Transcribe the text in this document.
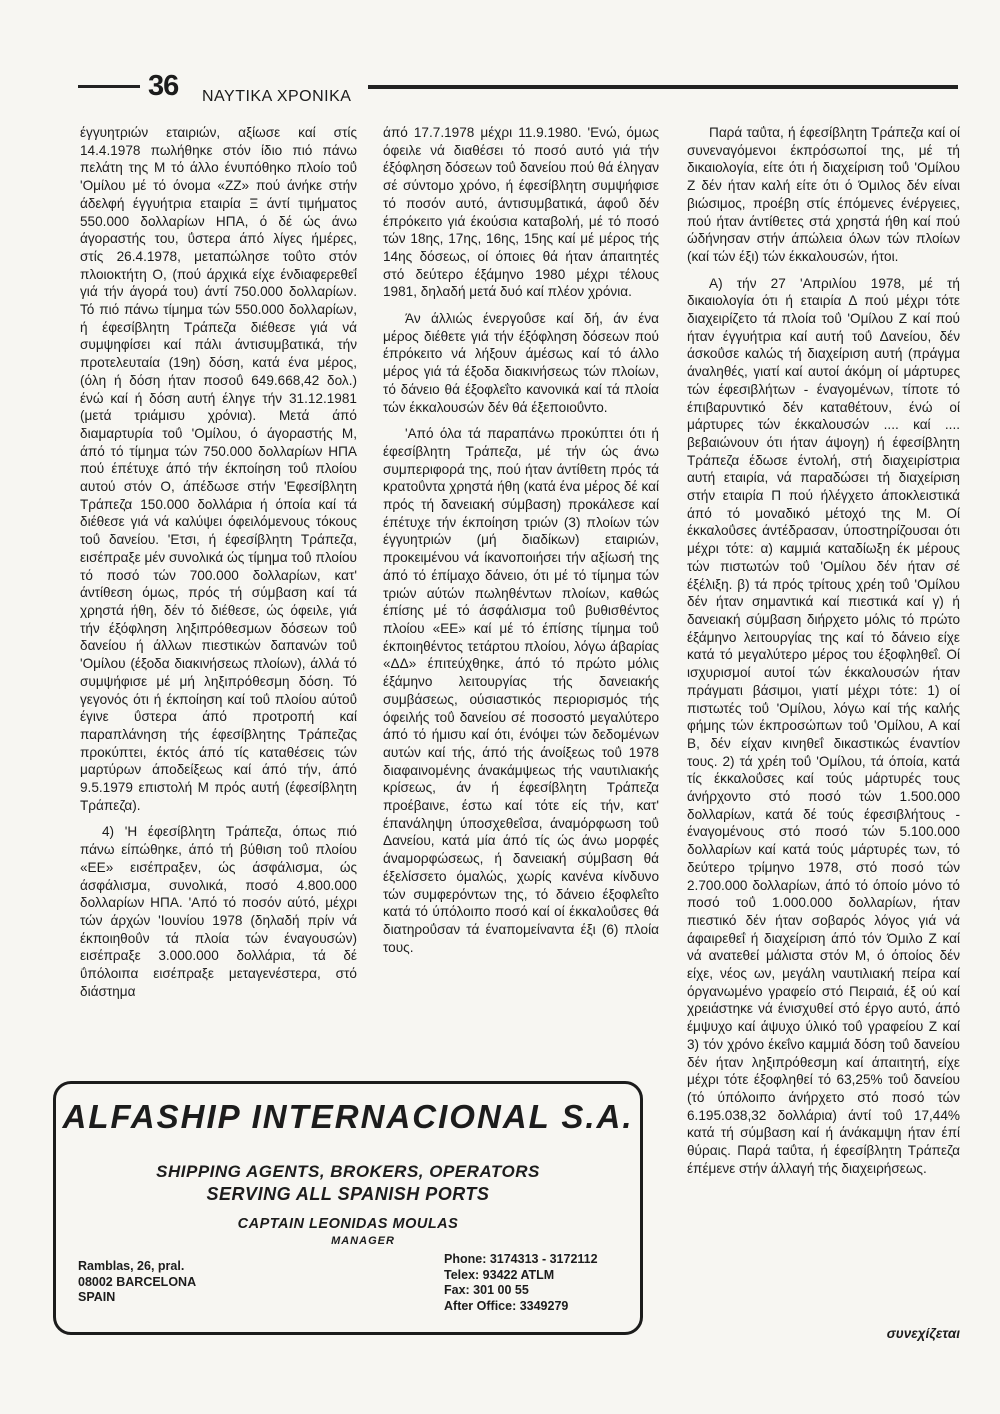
36 ΝΑΥΤΙΚΑ ΧΡΟΝΙΚΑ

έγγυητριών εταιριών, αξίωσε καί στίς 14.4.1978 πωλήθηκε στόν ίδιο πιό πάνω πελάτη της Μ τό άλλο ένυπόθηκο πλοίο τοΰ 'Ομίλου μέ τό όνομα «ΖΖ» πού άνήκε στήν άδελφή έγγυήτρια εταιρία Ξ άντί τιμήματος 550.000 δολλαρίων ΗΠΑ, ό δέ ώς άνω άγοραστής του, ΰστερα άπό λίγες ήμέρες, στίς 26.4.1978, μεταπώλησε τοΰτο στόν πλοιοκτήτη Ο, (πού άρχικά είχε ένδιαφερεθεΐ γιά τήν άγορά του) άντί 750.000 δολλαρίων. Τό πιό πάνω τίμημα τών 550.000 δολλαρίων, ή έφεσίβλητη Τράπεζα διέθεσε γιά νά συμψηφίσει καί πάλι άντισυμβατικά, τήν προτελευταία (19η) δόση, κατά ένα μέρος, (όλη ή δόση ήταν ποσοΰ 649.668,42 δολ.) ένώ καί ή δόση αυτή έληγε τήν 31.12.1981 (μετά τριάμισυ χρόνια). Μετά άπό διαμαρτυρία τοΰ 'Ομίλου, ό άγοραστής Μ, άπό τό τίμημα τών 750.000 δολλαρίων ΗΠΑ πού έπέτυχε άπό τήν έκποίηση τοΰ πλοίου αυτού στόν Ο, άπέδωσε στήν 'Εφεσίβλητη Τράπεζα 150.000 δολλάρια ή όποία καί τά διέθεσε γιά νά καλύψει όφειλόμενους τόκους τοΰ δανείου. 'Ετσι, ή έφεσίβλητη Τράπεζα, εισέπραξε μέν συνολικά ώς τίμημα τοΰ πλοίου τό ποσό τών 700.000 δολλαρίων, κατ' άντίθεση όμως, πρός τή σύμβαση καί τά χρηστά ήθη, δέν τό διέθεσε, ώς όφειλε, γιά τήν έξόφληση ληξιπρόθεσμων δόσεων τοΰ δανείου ή άλλων πιεστικών δαπανών τοΰ 'Ομίλου (έξοδα διακινήσεως πλοίων), άλλά τό συμψήφισε μέ μή ληξιπρόθεσμη δόση. Τό γεγονός ότι ή έκποίηση καί τοΰ πλοίου αύτοΰ έγινε ΰστερα άπό προτροπή καί παραπλάνηση τής έφεσίβλητης Τράπεζας προκύπτει, έκτός άπό τίς καταθέσεις τών μαρτύρων άποδείξεως καί άπό τήν, άπό 9.5.1979 επιστολή Μ πρός αυτή (έφεσίβλητη Τράπεζα).

4) 'Η έφεσίβλητη Τράπεζα, όπως πιό πάνω είπώθηκε, άπό τή βύθιση τοΰ πλοίου «ΕΕ» εισέπραξεν, ώς άσφάλισμα, ώς άσφάλισμα, συνολικά, ποσό 4.800.000 δολλαρίων ΗΠΑ. 'Από τό ποσόν αύτό, μέχρι τών άρχών 'Ιουνίου 1978 (δηλαδή πρίν νά έκποιηθοΰν τά πλοία τών έναγουσών) εισέπραξε 3.000.000 δολλάρια, τά δέ ΰπόλοιπα εισέπραξε μεταγενέστερα, στό διάστημα

άπό 17.7.1978 μέχρι 11.9.1980. 'Ενώ, όμως όφειλε νά διαθέσει τό ποσό αυτό γιά τήν έξόφληση δόσεων τοΰ δανείου πού θά έληγαν σέ σύντομο χρόνο, ή έφεσίβλητη συμψήφισε τό ποσόν αυτό, άντισυμβατικά, άφοΰ δέν έπρόκειτο γιά έκούσια καταβολή, μέ τό ποσό τών 18ης, 17ης, 16ης, 15ης καί μέ μέρος τής 14ης δόσεως, οί όποιες θά ήταν άπαιτητές στό δεύτερο έξάμηνο 1980 μέχρι τέλους 1981, δηλαδή μετά δυό καί πλέον χρόνια.

Άν άλλιώς ένεργοΰσε καί δή, άν ένα μέρος διέθετε γιά τήν έξόφληση δόσεων πού έπρόκειτο νά λήξουν άμέσως καί τό άλλο μέρος γιά τά έξοδα διακινήσεως τών πλοίων, τό δάνειο θά έξοφλεΐτο κανονικά καί τά πλοία τών έκκαλουσών δέν θά έξεποιοΰντο.

'Από όλα τά παραπάνω προκύπτει ότι ή έφεσίβλητη Τράπεζα, μέ τήν ώς άνω συμπεριφορά της, πού ήταν άντίθετη πρός τά κρατοΰντα χρηστά ήθη (κατά ένα μέρος δέ καί πρός τή δανειακή σύμβαση) προκάλεσε καί έπέτυχε τήν έκποίηση τριών (3) πλοίων τών έγγυητριών (μή διαδίκων) εταιριών, προκειμένου νά ίκανοποιήσει τήν αξίωσή της άπό τό έπίμαχο δάνειο, ότι μέ τό τίμημα τών τριών αύτών πωληθέντων πλοίων, καθώς έπίσης μέ τό άσφάλισμα τοΰ βυθισθέντος πλοίου «ΕΕ» καί μέ τό έπίσης τίμημα τοΰ έκποιηθέντος τετάρτου πλοίου, λόγω άβαρίας «ΔΔ» έπιτεύχθηκε, άπό τό πρώτο μόλις έξάμηνο λειτουργίας τής δανειακής συμβάσεως, ούσιαστικός περιορισμός τής όφειλής τοΰ δανείου σέ ποσοστό μεγαλύτερο άπό τό ήμισυ καί ότι, ένόψει τών δεδομένων αυτών καί τής, άπό τής άνοίξεως τοΰ 1978 διαφαινομένης άνακάμψεως τής ναυτιλιακής κρίσεως, άν ή έφεσίβλητη Τράπεζα προέβαινε, έστω καί τότε είς τήν, κατ' έπανάληψη ύποσχεθεΐσα, άναμόρφωση τοΰ Δανείου, κατά μία άπό τίς ώς άνω μορφές άναμορφώσεως, ή δανειακή σύμβαση θά έξελίσσετο όμαλώς, χωρίς κανένα κίνδυνο τών συμφερόντων της, τό δάνειο έξοφλεΐτο κατά τό ύπόλοιπο ποσό καί οί έκκαλοΰσες θά διατηροΰσαν τά έναπομείναντα έξι (6) πλοία τους.

Παρά ταΰτα, ή έφεσίβλητη Τράπεζα καί οί συνεναγόμενοι έκπρόσωποί της, μέ τή δικαιολογία, είτε ότι ή διαχείριση τοΰ 'Ομίλου Ζ δέν ήταν καλή είτε ότι ό Όμιλος δέν είναι βιώσιμος, προέβη στίς έπόμενες ένέργειες, πού ήταν άντίθετες στά χρηστά ήθη καί πού ώδήνησαν στήν άπώλεια όλων τών πλοίων (καί τών έξι) τών έκκαλουσών, ήτοι.

Α) τήν 27 'Απριλίου 1978, μέ τή δικαιολογία ότι ή εταιρία Δ πού μέχρι τότε διαχειρίζετο τά πλοία τοΰ 'Ομίλου Ζ καί πού ήταν έγγυήτρια καί αυτή τοΰ Δανείου, δέν άσκοΰσε καλώς τή διαχείριση αυτή (πράγμα άναληθές, γιατί καί αυτοί άκόμη οί μάρτυρες τών έφεσιβλήτων - έναγομένων, τίποτε τό έπιβαρυντικό δέν καταθέτουν, ένώ οί μάρτυρες τών έκκαλουσών .... καί .... βεβαιώνουν ότι ήταν άψογη) ή έφεσίβλητη Τράπεζα έδωσε έντολή, στή διαχειρίστρια αυτή εταιρία, νά παραδώσει τή διαχείριση στήν εταιρία Π πού ήλέγχετο άποκλειστικά άπό τό μοναδικό μέτοχό της Μ. Οί έκκαλοΰσες άντέδρασαν, ύποστηρίζουσαι ότι μέχρι τότε: α) καμμιά καταδίωξη έκ μέρους τών πιστωτών τοΰ 'Ομίλου δέν ήταν σέ έξέλιξη. β) τά πρός τρίτους χρέη τοΰ 'Ομίλου δέν ήταν σημαντικά καί πιεστικά καί γ) ή δανειακή σύμβαση διήρχετο μόλις τό πρώτο έξάμηνο λειτουργίας της καί τό δάνειο είχε κατά τό μεγαλύτερο μέρος του έξοφληθεΐ. Οί ισχυρισμοί αυτοί τών έκκαλουσών ήταν πράγματι βάσιμοι, γιατί μέχρι τότε: 1) οί πιστωτές τοΰ 'Ομίλου, λόγω καί τής καλής φήμης τών έκπροσώπων τοΰ 'Ομίλου, Α καί Β, δέν είχαν κινηθεΐ δικαστικώς έναντίον τους. 2) τά χρέη τοΰ 'Ομίλου, τά όποία, κατά τίς έκκαλοΰσες καί τούς μάρτυρές τους άνήρχοντο στό ποσό τών 1.500.000 δολλαρίων, κατά δέ τούς έφεσιβλήτους - έναγομένους στό ποσό τών 5.100.000 δολλαρίων καί κατά τούς μάρτυρές των, τό δεύτερο τρίμηνο 1978, στό ποσό τών 2.700.000 δολλαρίων, άπό τό όποίο μόνο τό ποσό τοΰ 1.000.000 δολλαρίων, ήταν πιεστικό δέν ήταν σοβαρός λόγος γιά νά άφαιρεθεΐ ή διαχείριση άπό τόν Όμιλο Ζ καί νά ανατεθεί μάλιστα στόν Μ, ό όποίος δέν είχε, νέος ων, μεγάλη ναυτιλιακή πείρα καί όργανωμένο γραφείο στό Πειραιά, έξ ού καί χρειάστηκε νά ένισχυθεί στό έργο αυτό, άπό έμψυχο καί άψυχο ύλικό τοΰ γραφείου Ζ καί 3) τόν χρόνο έκεΐνο καμμιά δόση τοΰ δανείου δέν ήταν ληξιπρόθεσμη καί άπαιτητή, είχε μέχρι τότε έξοφληθεί τό 63,25% τοΰ δανείου (τό ύπόλοιπο άνήρχετο στό ποσό τών 6.195.038,32 δολλάρια) άντί τοΰ 17,44% κατά τή σύμβαση καί ή άνάκαμψη ήταν έπί θύραις. Παρά ταΰτα, ή έφεσίβλητη Τράπεζα έπέμενε στήν άλλαγή τής διαχειρήσεως.

συνεχίζεται
ALFASHIP INTERNACIONAL S.A.
SHIPPING AGENTS, BROKERS, OPERATORS
SERVING ALL SPANISH PORTS
CAPTAIN LEONIDAS MOULAS
MANAGER
Ramblas, 26, pral.
08002 BARCELONA
SPAIN
Phone: 3174313 - 3172112
Telex: 93422 ATLM
Fax: 301 00 55
After Office: 3349279
